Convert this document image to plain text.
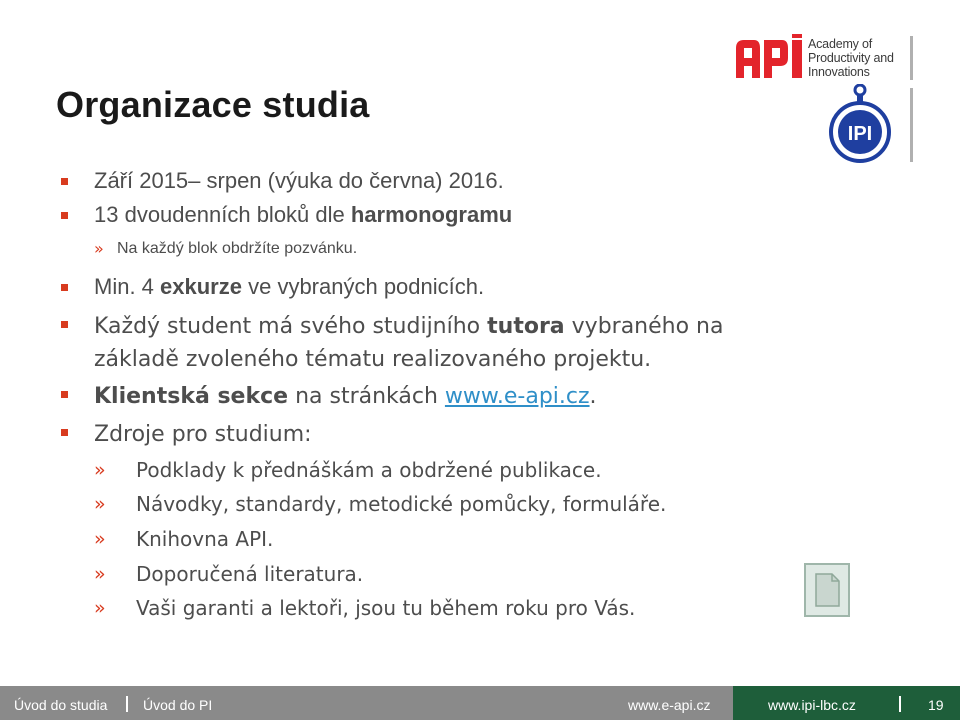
Academy of
Productivity and
Innovations
IPI
Organizace studia
Září 2015– srpen (výuka do června) 2016.
13 dvoudenních bloků dle harmonogramu
» Na každý blok obdržíte pozvánku.
Min. 4 exkurze ve vybraných podnicích.
Každý student má svého studijního tutora vybraného na
základě zvoleného tématu realizovaného projektu.
Klientská sekce na stránkách www.e-api.cz.
Zdroje pro studium:
» Podklady k přednáškám a obdržené publikace.
» Návodky, standardy, metodické pomůcky, formuláře.
» Knihovna API.
» Doporučená literatura.
» Vaši garanti a lektoři, jsou tu během roku pro Vás.
Úvod do studia	Úvod do PI	www.e-api.cz	www.ipi-lbc.cz	19
